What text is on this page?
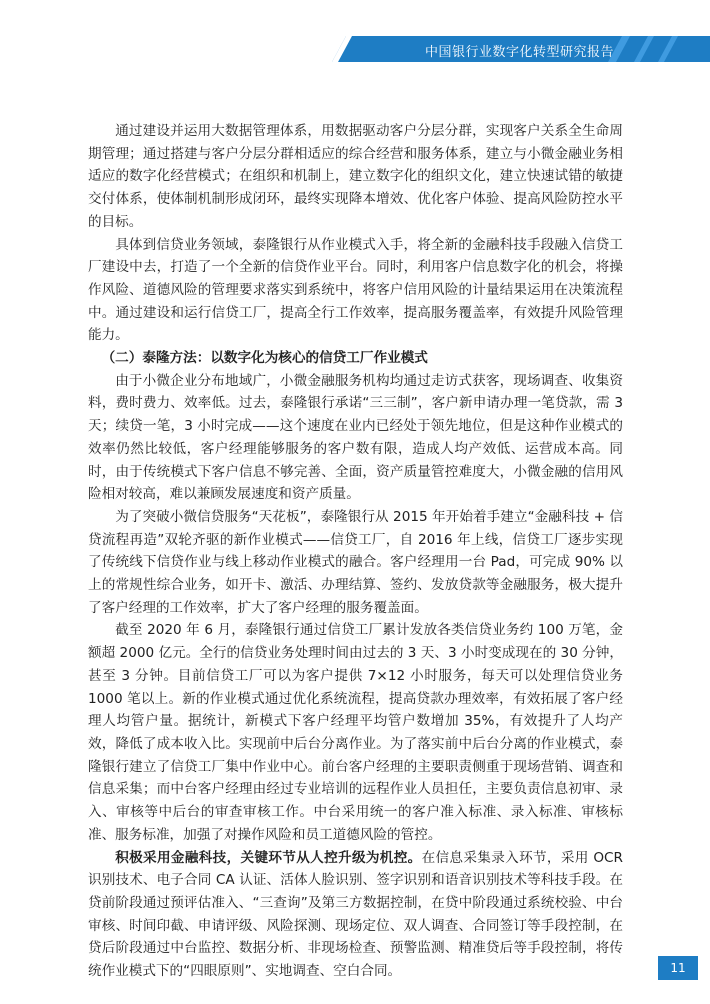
中国银行业数字化转型研究报告

通过建设并运用大数据管理体系，用数据驱动客户分层分群，实现客户关系全生命周期管理；通过搭建与客户分层分群相适应的综合经营和服务体系，建立与小微金融业务相适应的数字化经营模式；在组织和机制上，建立数字化的组织文化，建立快速试错的敏捷交付体系，使体制机制形成闭环，最终实现降本增效、优化客户体验、提高风险防控水平的目标。

具体到信贷业务领域，泰隆银行从作业模式入手，将全新的金融科技手段融入信贷工厂建设中去，打造了一个全新的信贷作业平台。同时，利用客户信息数字化的机会，将操作风险、道德风险的管理要求落实到系统中，将客户信用风险的计量结果运用在决策流程中。通过建设和运行信贷工厂，提高全行工作效率，提高服务覆盖率，有效提升风险管理能力。

（二）泰隆方法：以数字化为核心的信贷工厂作业模式

由于小微企业分布地域广，小微金融服务机构均通过走访式获客，现场调查、收集资料，费时费力、效率低。过去，泰隆银行承诺“三三制”，客户新申请办理一笔贷款，需 3 天；续贷一笔，3 小时完成——这个速度在业内已经处于领先地位，但是这种作业模式的效率仍然比较低，客户经理能够服务的客户数有限，造成人均产效低、运营成本高。同时，由于传统模式下客户信息不够完善、全面，资产质量管控难度大，小微金融的信用风险相对较高，难以兼顾发展速度和资产质量。

为了突破小微信贷服务“天花板”，泰隆银行从 2015 年开始着手建立“金融科技 + 信贷流程再造”双轮齐驱的新作业模式——信贷工厂，自 2016 年上线，信贷工厂逐步实现了传统线下信贷作业与线上移动作业模式的融合。客户经理用一台 Pad，可完成 90% 以上的常规性综合业务，如开卡、激活、办理结算、签约、发放贷款等金融服务，极大提升了客户经理的工作效率，扩大了客户经理的服务覆盖面。

截至 2020 年 6 月，泰隆银行通过信贷工厂累计发放各类信贷业务约 100 万笔，金额超 2000 亿元。全行的信贷业务处理时间由过去的 3 天、3 小时变成现在的 30 分钟，甚至 3 分钟。目前信贷工厂可以为客户提供 7×12 小时服务，每天可以处理信贷业务 1000 笔以上。新的作业模式通过优化系统流程，提高贷款办理效率，有效拓展了客户经理人均管户量。据统计，新模式下客户经理平均管户数增加 35%，有效提升了人均产效，降低了成本收入比。实现前中后台分离作业。为了落实前中后台分离的作业模式，泰隆银行建立了信贷工厂集中作业中心。前台客户经理的主要职责侧重于现场营销、调查和信息采集；而中台客户经理由经过专业培训的远程作业人员担任，主要负责信息初审、录入、审核等中后台的审查审核工作。中台采用统一的客户准入标准、录入标准、审核标准、服务标准，加强了对操作风险和员工道德风险的管控。

积极采用金融科技，关键环节从人控升级为机控。在信息采集录入环节，采用 OCR 识别技术、电子合同 CA 认证、活体人脸识别、签字识别和语音识别技术等科技手段。在贷前阶段通过预评估准入、“三查询”及第三方数据控制，在贷中阶段通过系统校验、中台审核、时间印截、申请评级、风险探测、现场定位、双人调查、合同签订等手段控制，在贷后阶段通过中台监控、数据分析、非现场检查、预警监测、精准贷后等手段控制，将传统作业模式下的“四眼原则”、实地调查、空白合同。	11
